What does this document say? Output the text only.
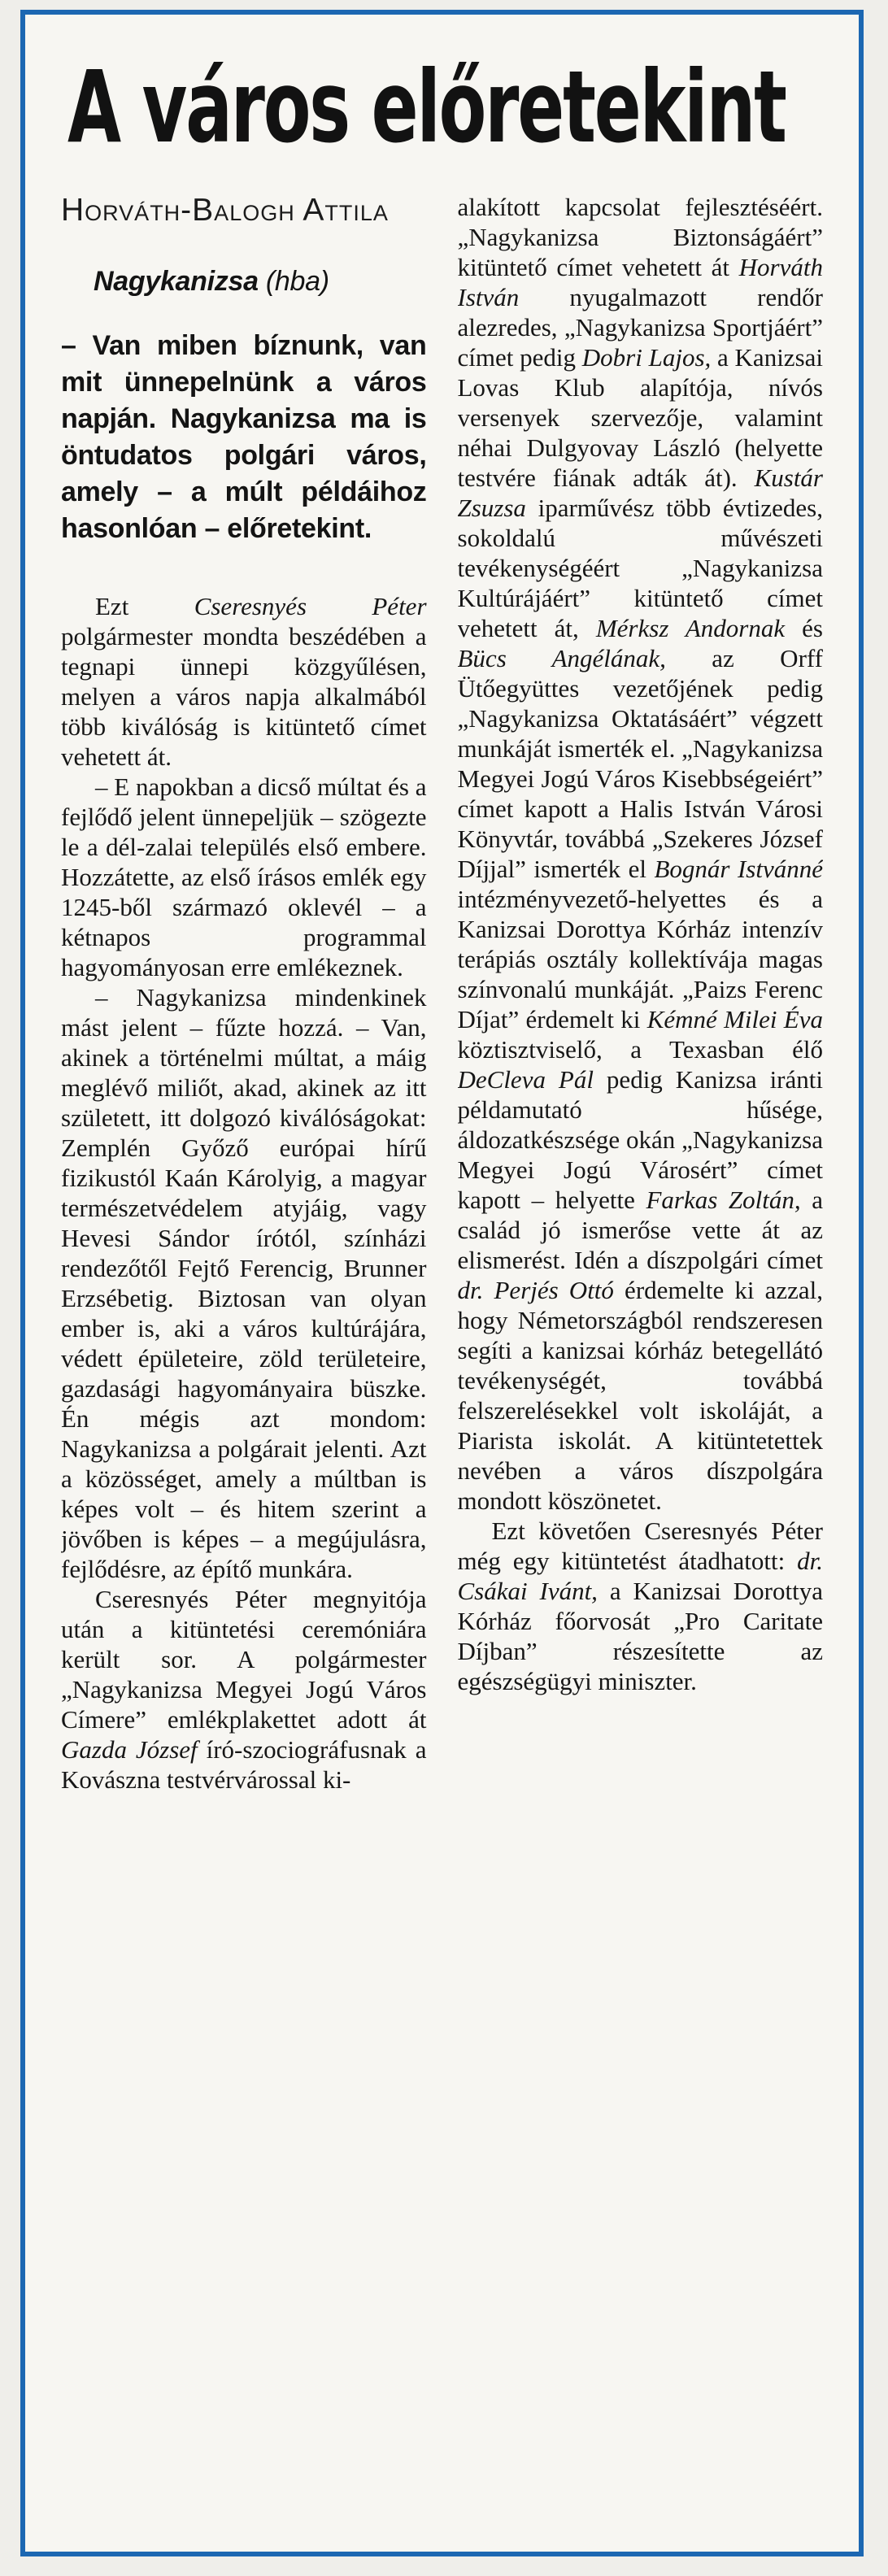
A város előretekint
Horváth-Balogh Attila

Nagykanizsa (hba)

– Van miben bíznunk, van mit ünnepelnünk a város napján. Nagykanizsa ma is öntudatos polgári város, amely – a múlt példáihoz hasonlóan – előretekint.

Ezt Cseresnyés Péter polgármester mondta beszédében a tegnapi ünnepi közgyűlésen, melyen a város napja alkalmából több kiválóság is kitüntető címet vehetett át.

– E napokban a dicső múltat és a fejlődő jelent ünnepeljük – szögezte le a dél-zalai település első embere. Hozzátette, az első írásos emlék egy 1245-ből származó oklevél – a kétnapos programmal hagyományosan erre emlékeznek.

– Nagykanizsa mindenkinek mást jelent – fűzte hozzá. – Van, akinek a történelmi múltat, a máig meglévő miliőt, akad, akinek az itt született, itt dolgozó kiválóságokat: Zemplén Győző európai hírű fizikustól Kaán Károlyig, a magyar természetvédelem atyjáig, vagy Hevesi Sándor írótól, színházi rendezőtől Fejtő Ferencig, Brunner Erzsébetig. Biztosan van olyan ember is, aki a város kultúrájára, védett épületeire, zöld területeire, gazdasági hagyományaira büszke. Én mégis azt mondom: Nagykanizsa a polgárait jelenti. Azt a közösséget, amely a múltban is képes volt – és hitem szerint a jövőben is képes – a megújulásra, fejlődésre, az építő munkára.

Cseresnyés Péter megnyitója után a kitüntetési ceremóniára került sor. A polgármester „Nagykanizsa Megyei Jogú Város Címere” emlékplakettet adott át Gazda József író-szociográfusnak a Kovászna testvérvárossal ki-

alakított kapcsolat fejlesztéséért. „Nagykanizsa Biztonságáért” kitüntető címet vehetett át Horváth István nyugalmazott rendőr alezredes, „Nagykanizsa Sportjáért” címet pedig Dobri Lajos, a Kanizsai Lovas Klub alapítója, nívós versenyek szervezője, valamint néhai Dulgyovay László (helyette testvére fiának adták át). Kustár Zsuzsa iparművész több évtizedes, sokoldalú művészeti tevékenységéért „Nagykanizsa Kultúrájáért” kitüntető címet vehetett át, Mérksz Andornak és Bücs Angélának, az Orff Ütőegyüttes vezetőjének pedig „Nagykanizsa Oktatásáért” végzett munkáját ismerték el. „Nagykanizsa Megyei Jogú Város Kisebbségeiért” címet kapott a Halis István Városi Könyvtár, továbbá „Szekeres József Díjjal” ismerték el Bognár Istvánné intézményvezető-helyettes és a Kanizsai Dorottya Kórház intenzív terápiás osztály kollektívája magas színvonalú munkáját. „Paizs Ferenc Díjat” érdemelt ki Kémné Milei Éva köztisztviselő, a Texasban élő DeCleva Pál pedig Kanizsa iránti példamutató hűsége, áldozatkészsége okán „Nagykanizsa Megyei Jogú Városért” címet kapott – helyette Farkas Zoltán, a család jó ismerőse vette át az elismerést. Idén a díszpolgári címet dr. Perjés Ottó érdemelte ki azzal, hogy Németországból rendszeresen segíti a kanizsai kórház betegellátó tevékenységét, továbbá felszerelésekkel volt iskoláját, a Piarista iskolát. A kitüntetettek nevében a város díszpolgára mondott köszönetet.

Ezt követően Cseresnyés Péter még egy kitüntetést átadhatott: dr. Csákai Ivánt, a Kanizsai Dorottya Kórház főorvosát „Pro Caritate Díjban” részesítette az egészségügyi miniszter.
